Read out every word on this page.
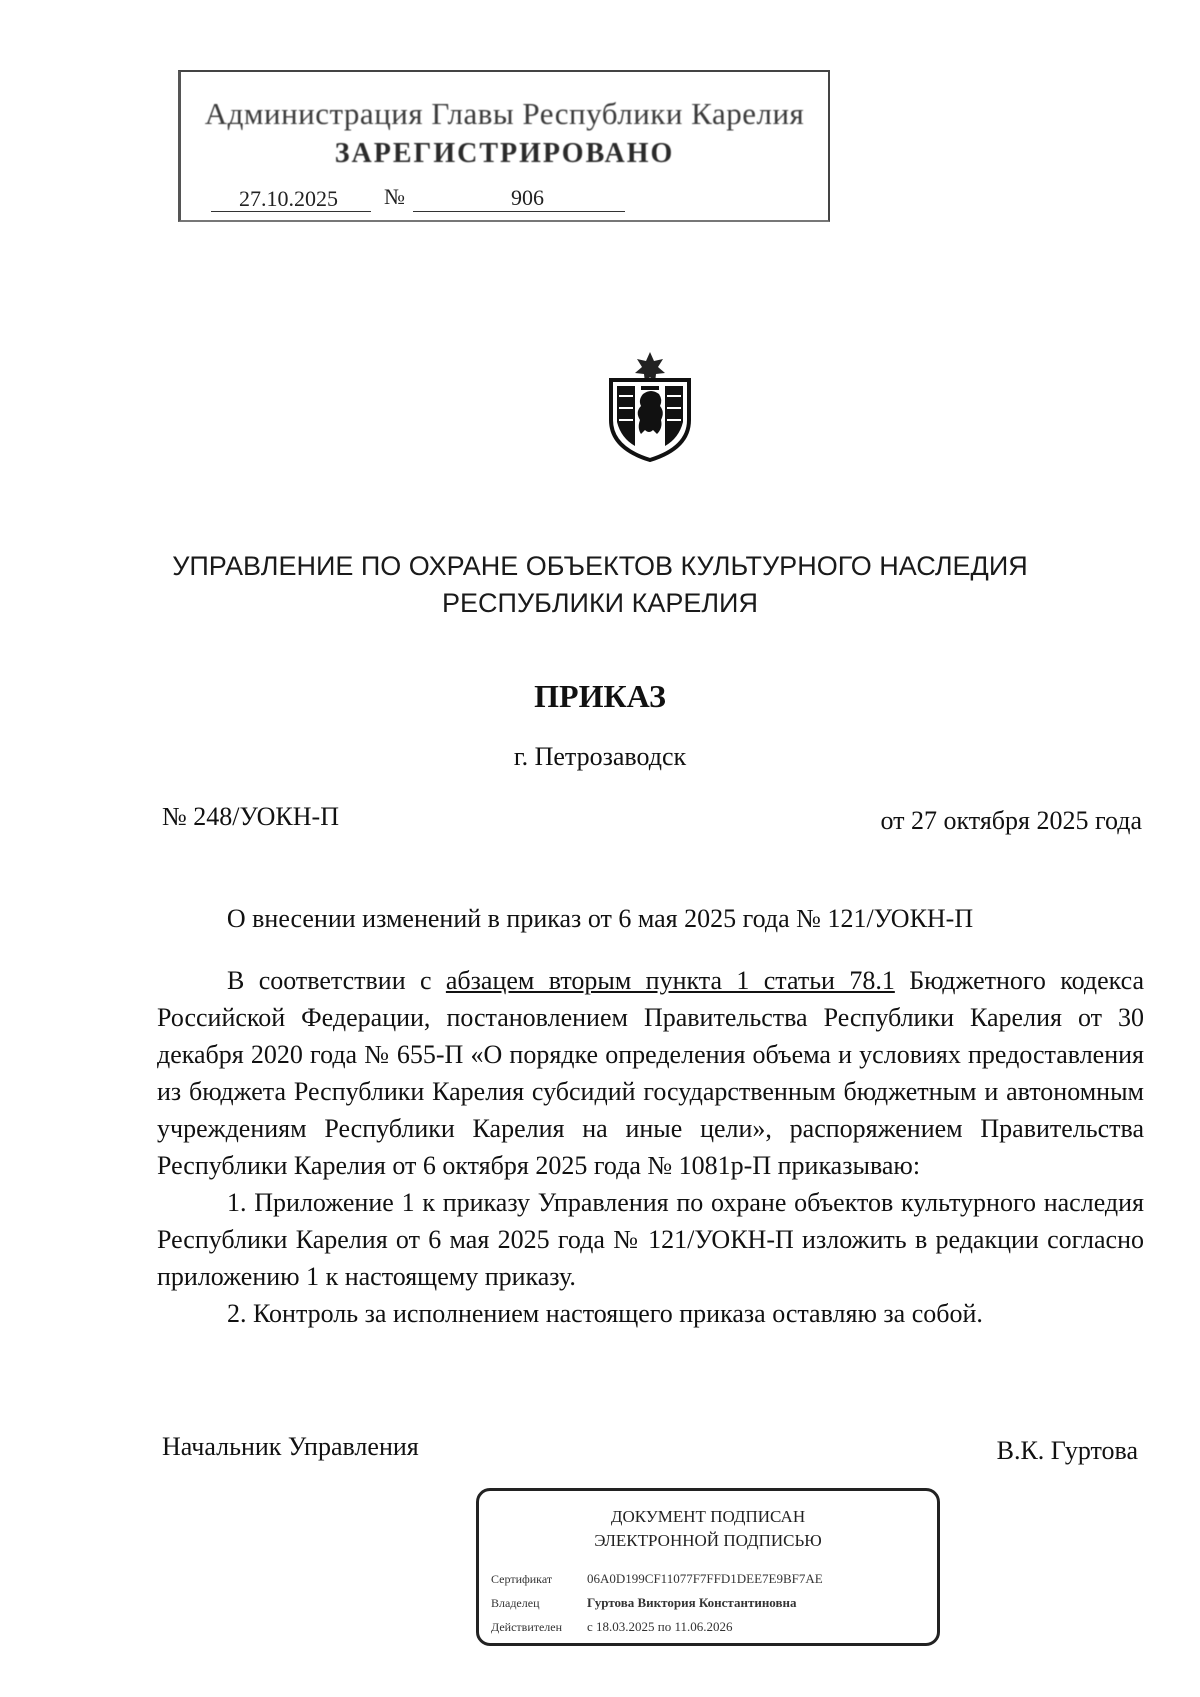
Администрация Главы Республики Карелия
ЗАРЕГИСТРИРОВАНО
27.10.2025	№	906
УПРАВЛЕНИЕ ПО ОХРАНЕ ОБЪЕКТОВ КУЛЬТУРНОГО НАСЛЕДИЯ
РЕСПУБЛИКИ КАРЕЛИЯ
ПРИКАЗ
г. Петрозаводск
№ 248/УОКН-П	от 27 октября 2025 года
О внесении изменений в приказ от 6 мая 2025 года № 121/УОКН-П

В соответствии с абзацем вторым пункта 1 статьи 78.1 Бюджетного кодекса Российской Федерации, постановлением Правительства Республики Карелия от 30 декабря 2020 года № 655-П «О порядке определения объема и условиях предоставления из бюджета Республики Карелия субсидий государственным бюджетным и автономным учреждениям Республики Карелия на иные цели», распоряжением Правительства Республики Карелия от 6 октября 2025 года № 1081р-П приказываю:

1. Приложение 1 к приказу Управления по охране объектов культурного наследия Республики Карелия от 6 мая 2025 года № 121/УОКН-П изложить в редакции согласно приложению 1 к настоящему приказу.

2. Контроль за исполнением настоящего приказа оставляю за собой.

Начальник Управления	В.К. Гуртова
ДОКУМЕНТ ПОДПИСАН
ЭЛЕКТРОННОЙ ПОДПИСЬЮ
Сертификат	06A0D199CF11077F7FFD1DEE7E9BF7AE
Владелец	Гуртова Виктория Константиновна
Действителен с 18.03.2025 по 11.06.2026
